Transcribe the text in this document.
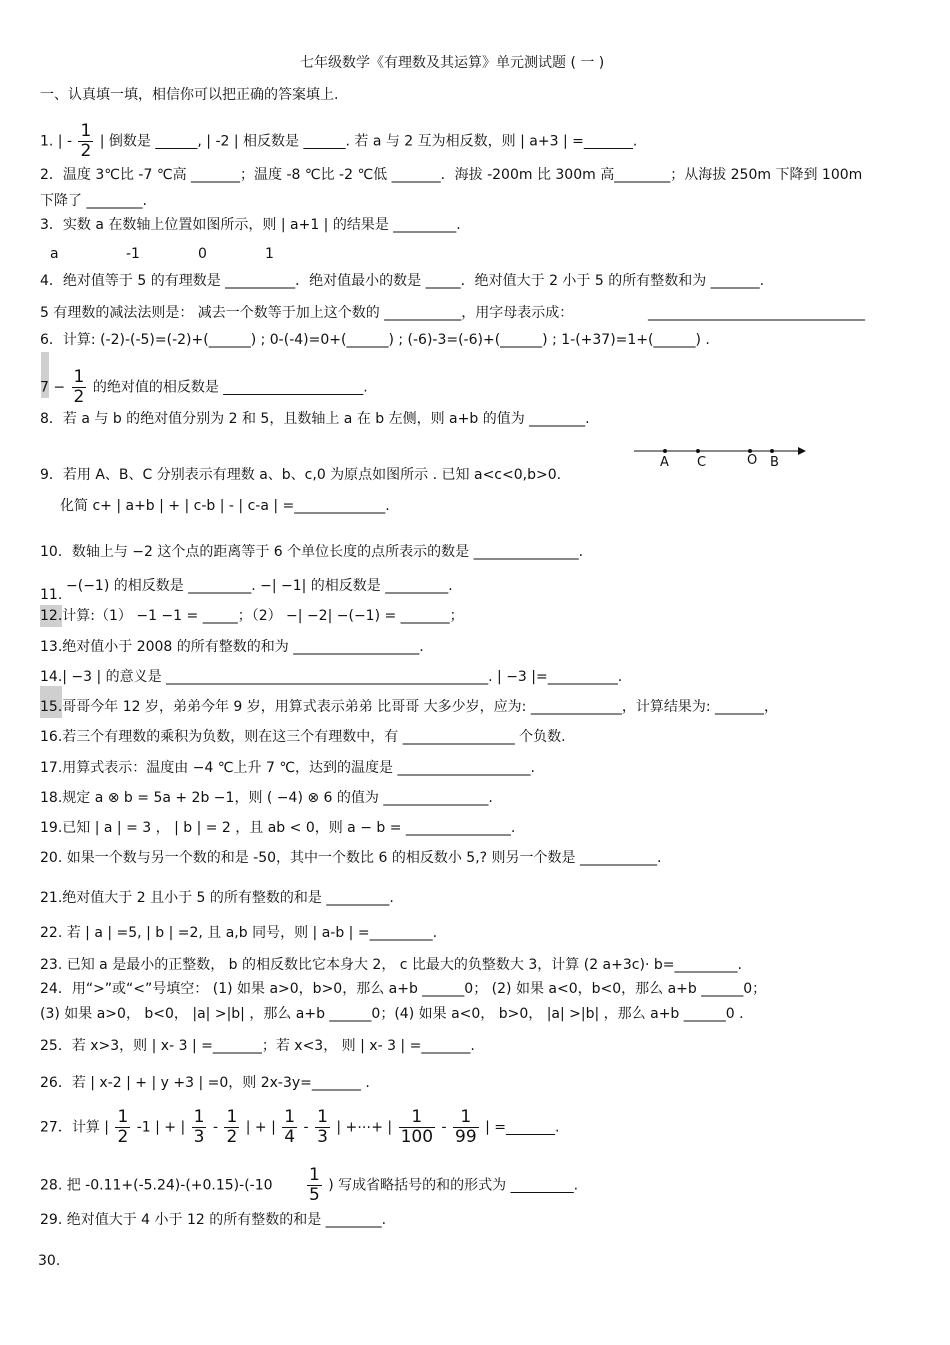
七年级数学《有理数及其运算》单元测试题 ( 一 )
一、认真填一填，相信你可以把正确的答案填上.
1. | - $\frac{1}{2}$ | 倒数是 ______, | -2 | 相反数是 ______. 若 a 与 2 互为相反数，则 | a+3 | =_______.
2．温度 3℃比 -7 ℃高 _______；温度 -8 ℃比 -2 ℃低 _______．海拔 -200m 比 300m 高________；从海拔 250m 下降到 100m
下降了 ________.
3．实数 a 在数轴上位置如图所示，则 | a+1 | 的结果是 _________.
a	-1	0	1
4．绝对值等于 5 的有理数是 __________．绝对值最小的数是 _____．绝对值大于 2 小于 5 的所有整数和为 _______.
5 有理数的减法法则是： 减去一个数等于加上这个数的 ___________，用字母表示成：	_______________________________
6．计算: (-2)-(-5)=(-2)+(______) ; 0-(-4)=0+(______) ; (-6)-3=(-6)+(______) ; 1-(+37)=1+(______) .
$7 - \frac{1}{2}$ 的绝对值的相反数是 ____________________.
8．若 a 与 b 的绝对值分别为 2 和 5，且数轴上 a 在 b 左侧，则 a+b 的值为 ________.
A C	O B
9．若用 A、B、C 分别表示有理数 a、b、c,0 为原点如图所示 . 已知 a<c<0,b>0.
化简 c+ | a+b | + | c-b | - | c-a | =_____________.
10．数轴上与 −2 这个点的距离等于 6 个单位长度的点所表示的数是 _______________.
11.
−(−1) 的相反数是 _________. −| −1| 的相反数是 _________.
12.计算:（1） −1 −1 = _____；（2） −| −2| −(−1) = _______；
13.绝对值小于 2008 的所有整数的和为 __________________.
14.| −3 | 的意义是 ______________________________________________. | −3 |=__________.
15.哥哥今年 12 岁，弟弟今年 9 岁，用算式表示弟弟 比哥哥 大多少岁，应为: _____________，计算结果为: _______，
16.若三个有理数的乘积为负数，则在这三个有理数中，有 ________________ 个负数.
17.用算式表示：温度由 −4 ℃上升 7 ℃，达到的温度是 ___________________.
18.规定 a ⊗ b = 5a + 2b −1，则 ( −4) ⊗ 6 的值为 _______________.
19.已知 | a | = 3 ， | b | = 2 ，且 ab < 0，则 a − b = _______________.
20. 如果一个数与另一个数的和是 -50，其中一个数比 6 的相反数小 5,? 则另一个数是 ___________.
21.绝对值大于 2 且小于 5 的所有整数的和是 _________.
22. 若 | a | =5, | b | =2, 且 a,b 同号，则 | a-b | =_________.
23. 已知 a 是最小的正整数， b 的相反数比它本身大 2， c 比最大的负整数大 3，计算 (2 a+3c)· b=_________.
24．用“>”或“<”号填空： (1) 如果 a>0，b>0，那么 a+b ______0； (2) 如果 a<0，b<0，那么 a+b ______0；
(3) 如果 a>0， b<0， |a| >|b| ，那么 a+b ______0；(4) 如果 a<0， b>0， |a| >|b| ，那么 a+b ______0 .
25．若 x>3，则 | x- 3 | =_______；若 x<3， 则 | x- 3 | =_______.
26．若 | x-2 | + | y +3 | =0，则 2x-3y=_______ .
27．计算 | $\frac{1}{2} -1$ | + | $\frac{1}{3} - \frac{1}{2}$ | + | $\frac{1}{4} - \frac{1}{3}$ | +⋯+ | $\frac{1}{100} - \frac{1}{99}$ | =_______.
28. 把 $-0.11+(-5.24)-(+0.15)-(-10 \frac{1}{5}$ ) 写成省略括号的和的形式为 _________.
29. 绝对值大于 4 小于 12 的所有整数的和是 ________.
30.
